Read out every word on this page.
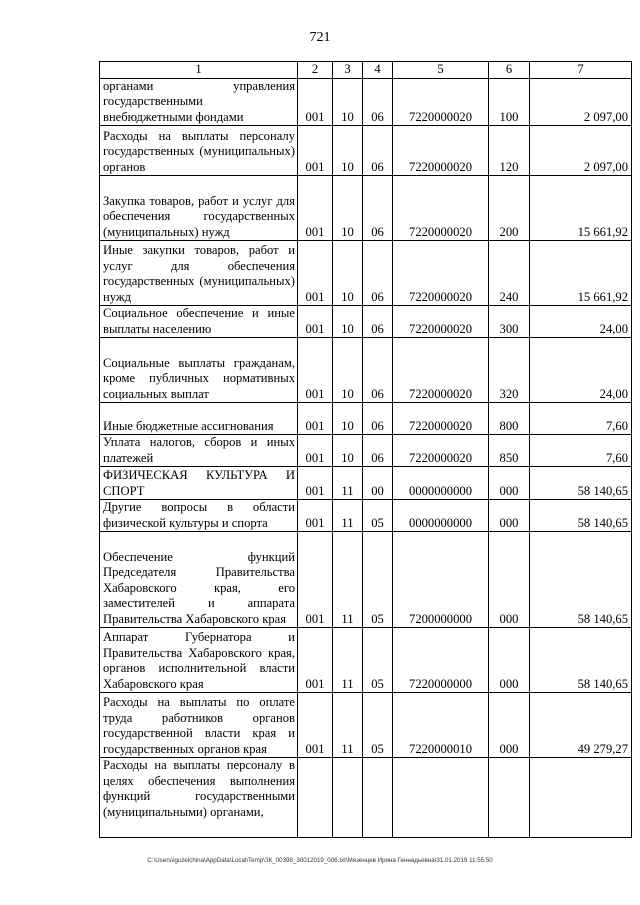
721
1	2	3	4	5	6	7
органами управления государственными внебюджетными фондами	001	10	06	7220000020	100	2 097,00
Расходы на выплаты персоналу государственных (муниципальных) органов	001	10	06	7220000020	120	2 097,00
Закупка товаров, работ и услуг для обеспечения государственных (муниципальных) нужд	001	10	06	7220000020	200	15 661,92
Иные закупки товаров, работ и услуг для обеспечения государственных (муниципальных) нужд	001	10	06	7220000020	240	15 661,92
Социальное обеспечение и иные выплаты населению	001	10	06	7220000020	300	24,00
Социальные выплаты гражданам, кроме публичных нормативных социальных выплат	001	10	06	7220000020	320	24,00
Иные бюджетные ассигнования	001	10	06	7220000020	800	7,60
Уплата налогов, сборов и иных платежей	001	10	06	7220000020	850	7,60
ФИЗИЧЕСКАЯ КУЛЬТУРА И СПОРТ	001	11	00	0000000000	000	58 140,65
Другие вопросы в области физической культуры и спорта	001	11	05	0000000000	000	58 140,65
Обеспечение функций Председателя Правительства Хабаровского края, его заместителей и аппарата Правительства Хабаровского края	001	11	05	7200000000	000	58 140,65
Аппарат Губернатора и Правительства Хабаровского края, органов исполнительной власти Хабаровского края	001	11	05	7220000000	000	58 140,65
Расходы на выплаты по оплате труда работников органов государственной власти края и государственных органов края	001	11	05	7220000010	000	49 279,27
Расходы на выплаты персоналу в целях обеспечения выполнения функций государственными (муниципальными) органами,						
C:\Users\iguzelchina\AppData\Local\Temp\ЗК_00398_30012019_006.txt\Мезенцев Ирина Геннадьевна\31.01.2019 11:55:50
